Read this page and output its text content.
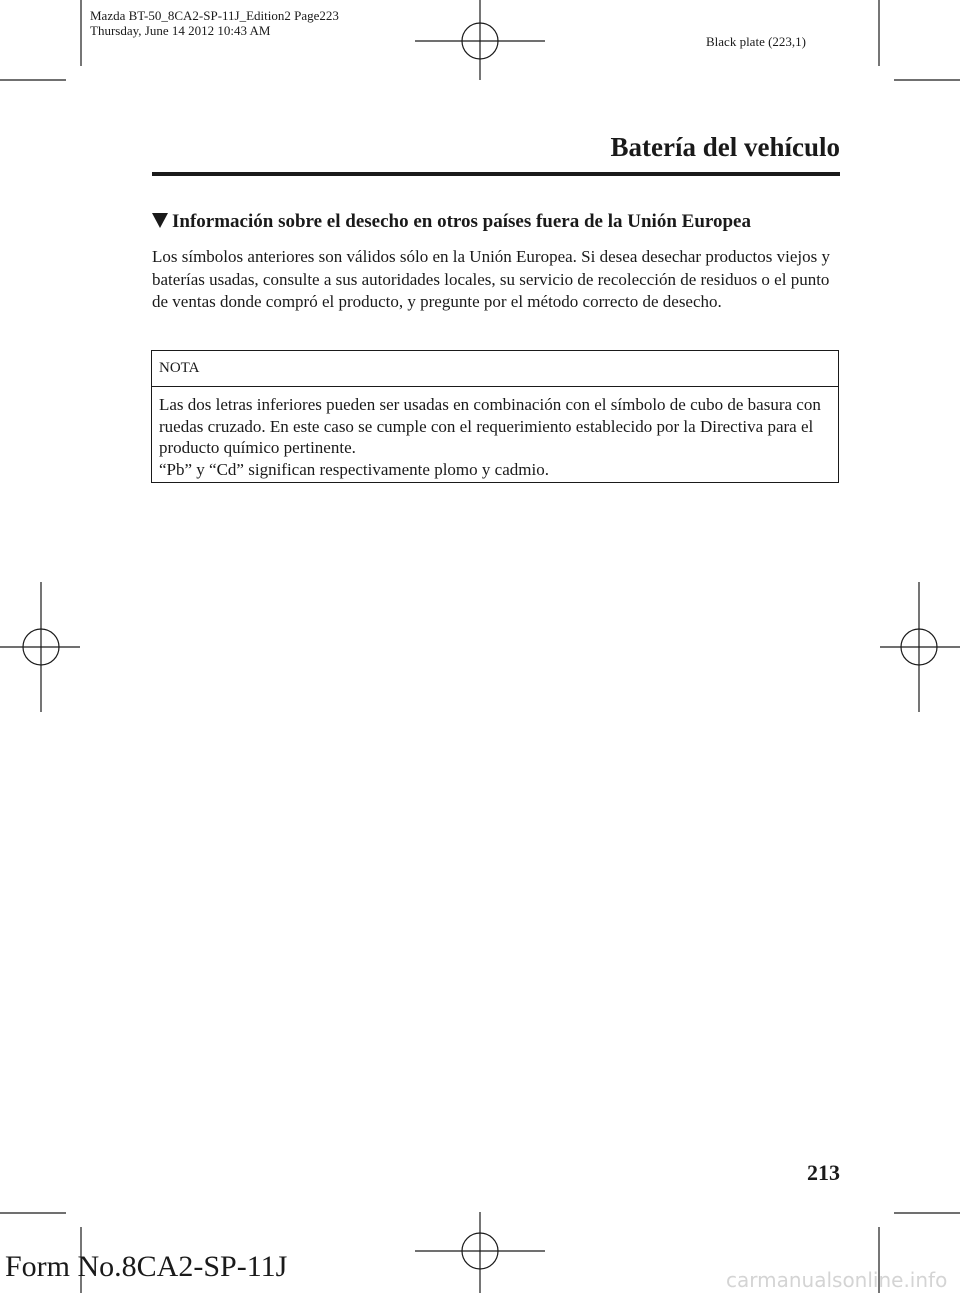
Mazda BT-50_8CA2-SP-11J_Edition2 Page223
Thursday, June 14 2012 10:43 AM
Black plate (223,1)
Batería del vehículo
Información sobre el desecho en otros países fuera de la Unión Europea
Los símbolos anteriores son válidos sólo en la Unión Europea. Si desea desechar productos viejos y baterías usadas, consulte a sus autoridades locales, su servicio de recolección de residuos o el punto de ventas donde compró el producto, y pregunte por el método correcto de desecho.
NOTA
Las dos letras inferiores pueden ser usadas en combinación con el símbolo de cubo de basura con ruedas cruzado. En este caso se cumple con el requerimiento establecido por la Directiva para el producto químico pertinente.
“Pb” y “Cd” significan respectivamente plomo y cadmio.
213
Form No.8CA2-SP-11J	carmanualsonline.info
